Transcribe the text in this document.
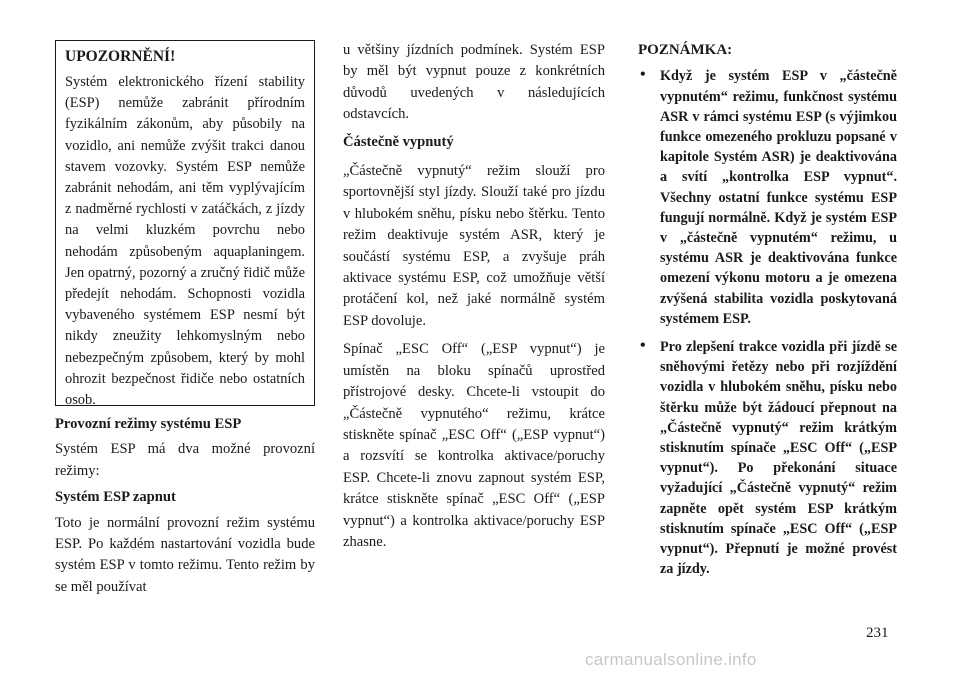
UPOZORNĚNÍ!

Systém elektronického řízení stability (ESP) nemůže zabránit přírodním fyzikálním zákonům, aby působily na vozidlo, ani nemůže zvýšit trakci danou stavem vozovky. Systém ESP nemůže zabránit nehodám, ani těm vyplývajícím z nadměrné rychlosti v zatáčkách, z jízdy na velmi kluzkém povrchu nebo nehodám způsobeným aquaplaningem. Jen opatrný, pozorný a zručný řidič může předejít nehodám. Schopnosti vozidla vybaveného systémem ESP nesmí být nikdy zneužity lehkomyslným nebo nebezpečným způsobem, který by mohl ohrozit bezpečnost řidiče nebo ostatních osob.

Provozní režimy systému ESP

Systém ESP má dva možné provozní režimy:

Systém ESP zapnut

Toto je normální provozní režim systému ESP. Po každém nastartování vozidla bude systém ESP v tomto režimu. Tento režim by se měl používat

u většiny jízdních podmínek. Systém ESP by měl být vypnut pouze z konkrétních důvodů uvedených v následujících odstavcích.

Částečně vypnutý

„Částečně vypnutý“ režim slouží pro sportovnější styl jízdy. Slouží také pro jízdu v hlubokém sněhu, písku nebo štěrku. Tento režim deaktivuje systém ASR, který je součástí systému ESP, a zvyšuje práh aktivace systému ESP, což umožňuje větší protáčení kol, než jaké normálně systém ESP dovoluje.

Spínač „ESC Off“ („ESP vypnut“) je umístěn na bloku spínačů uprostřed přístrojové desky. Chcete-li vstoupit do „Částečně vypnutého“ režimu, krátce stiskněte spínač „ESC Off“ („ESP vypnut“) a rozsvítí se kontrolka aktivace/poruchy ESP. Chcete-li znovu zapnout systém ESP, krátce stiskněte spínač „ESC Off“ („ESP vypnut“) a kontrolka aktivace/poruchy ESP zhasne.

POZNÁMKA:

• Když je systém ESP v „částečně vypnutém“ režimu, funkčnost systému ASR v rámci systému ESP (s výjimkou funkce omezeného prokluzu popsané v kapitole Systém ASR) je deaktivována a svítí „kontrolka ESP vypnut“. Všechny ostatní funkce systému ESP fungují normálně. Když je systém ESP v „částečně vypnutém“ režimu, u systému ASR je deaktivována funkce omezení výkonu motoru a je omezena zvýšená stabilita vozidla poskytovaná systémem ESP.

• Pro zlepšení trakce vozidla při jízdě se sněhovými řetězy nebo při rozjíždění vozidla v hlubokém sněhu, písku nebo štěrku může být žádoucí přepnout na „Částečně vypnutý“ režim krátkým stisknutím spínače „ESC Off“ („ESP vypnut“). Po překonání situace vyžadující „Částečně vypnutý“ režim zapněte opět systém ESP krátkým stisknutím spínače „ESC Off“ („ESP vypnut“). Přepnutí je možné provést za jízdy.

231
carmanualsonline.info
